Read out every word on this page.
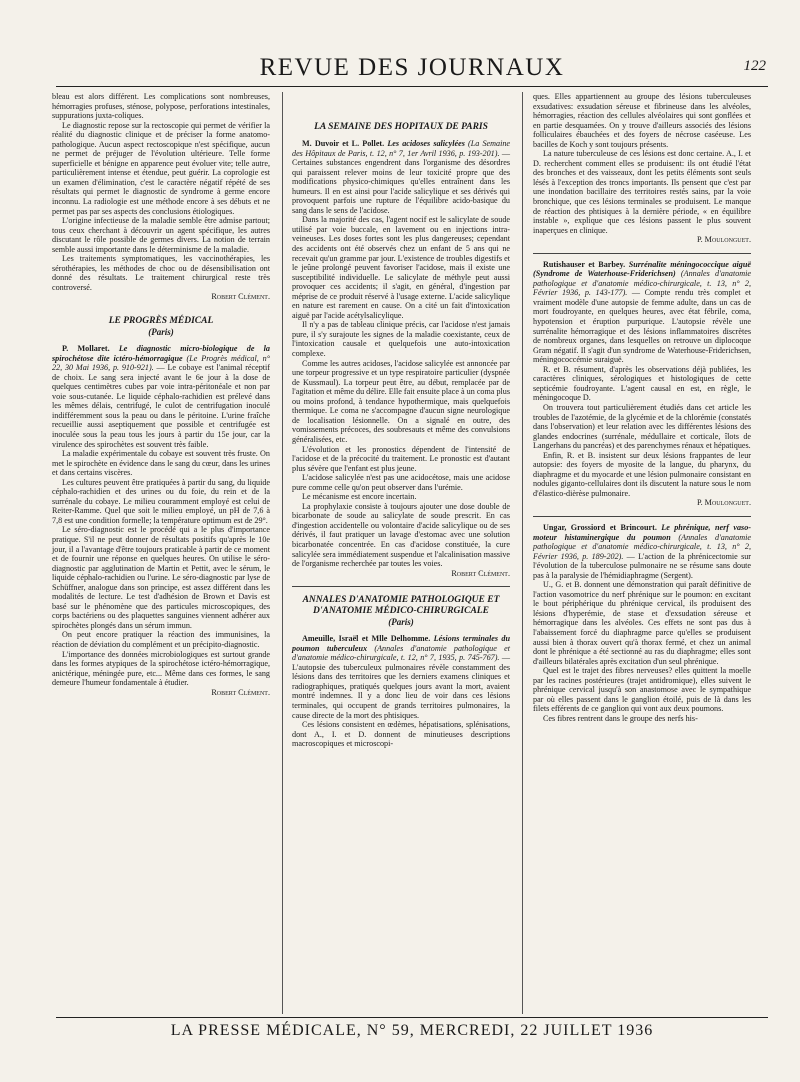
REVUE DES JOURNAUX	122

bleau est alors différent. Les complications sont nombreuses, hémorragies profuses, sténose, polypose, perforations intestinales, suppurations juxta-coliques.

Le diagnostic repose sur la rectoscopie qui permet de vérifier la réalité du diagnostic clinique et de préciser la forme anatomo-pathologique. Aucun aspect rectoscopique n'est spécifique, aucun ne permet de préjuger de l'évolution ultérieure. Telle forme superficielle et bénigne en apparence peut évoluer vite; telle autre, particulièrement intense et étendue, peut guérir. La coprologie est un examen d'élimination, c'est le caractère négatif répété de ses résultats qui permet le diagnostic de syndrome à germe encore inconnu. La radiologie est une méthode encore à ses débuts et ne permet pas par ses aspects des conclusions étiologiques.

L'origine infectieuse de la maladie semble être admise partout; tous ceux cherchant à découvrir un agent spécifique, les autres discutant le rôle possible de germes divers. La notion de terrain semble aussi importante dans le déterminisme de la maladie.

Les traitements symptomatiques, les vaccinothérapies, les sérothérapies, les méthodes de choc ou de désensibilisation ont donné des résultats. Le traitement chirurgical reste très controversé.

Robert Clément.

LE PROGRÈS MÉDICAL
(Paris)

P. Mollaret. Le diagnostic micro-biologique de la spirochétose dite ictéro-hémorragique (Le Progrès médical, n° 22, 30 Mai 1936, p. 910-921). — Le cobaye est l'animal réceptif de choix. Le sang sera injecté avant le 6e jour à la dose de quelques centimètres cubes par voie intra-péritonéale et non par voie sous-cutanée. Le liquide céphalo-rachidien est prélevé dans les mêmes délais, centrifugé, le culot de centrifugation inoculé indifféremment sous la peau ou dans le péritoine. L'urine fraîche recueillie aussi aseptiquement que possible et centrifugée est inoculée sous la peau tous les jours à partir du 15e jour, car la virulence des spirochètes est souvent très faible.

La maladie expérimentale du cobaye est souvent très fruste. On met le spirochète en évidence dans le sang du cœur, dans les urines et dans certains viscères.

Les cultures peuvent être pratiquées à partir du sang, du liquide céphalo-rachidien et des urines ou du foie, du rein et de la surrénale du cobaye. Le milieu couramment employé est celui de Reiter-Ramme. Quel que soit le milieu employé, un pH de 7,6 à 7,8 est une condition formelle; la température optimum est de 29°.

Le séro-diagnostic est le procédé qui a le plus d'importance pratique. S'il ne peut donner de résultats positifs qu'après le 10e jour, il a l'avantage d'être toujours praticable à partir de ce moment et de fournir une réponse en quelques heures. On utilise le séro-diagnostic par agglutination de Martin et Pettit, avec le sérum, le liquide céphalo-rachidien ou l'urine. Le séro-diagnostic par lyse de Schüffner, analogue dans son principe, est assez différent dans les modalités de lecture. Le test d'adhésion de Brown et Davis est basé sur le phénomène que des particules microscopiques, des corps bactériens ou des plaquettes sanguines viennent adhérer aux spirochètes plongés dans un sérum immun.

On peut encore pratiquer la réaction des immunisines, la réaction de déviation du complément et un précipito-diagnostic.

L'importance des données microbiologiques est surtout grande dans les formes atypiques de la spirochétose ictéro-hémorragique, anictérique, méningée pure, etc... Même dans ces formes, le sang demeure l'humeur fondamentale à étudier.

Robert Clément.

LA SEMAINE DES HOPITAUX DE PARIS

M. Duvoir et L. Pollet. Les acidoses salicylées (La Semaine des Hôpitaux de Paris, t. 12, n° 7, 1er Avril 1936, p. 193-201). — Certaines substances engendrent dans l'organisme des désordres qui paraissent relever moins de leur toxicité propre que des modifications physico-chimiques qu'elles entraînent dans les humeurs. Il en est ainsi pour l'acide salicylique et ses dérivés qui provoquent parfois une rupture de l'équilibre acido-basique du sang dans le sens de l'acidose.

Dans la majorité des cas, l'agent nocif est le salicylate de soude utilisé par voie buccale, en lavement ou en injections intra-veineuses. Les doses fortes sont les plus dangereuses; cependant des accidents ont été observés chez un enfant de 5 ans qui ne recevait qu'un gramme par jour. L'existence de troubles digestifs et le jeûne prolongé peuvent favoriser l'acidose, mais il existe une susceptibilité individuelle. Le salicylate de méthyle peut aussi provoquer ces accidents; il s'agit, en général, d'ingestion par méprise de ce produit réservé à l'usage externe. L'acide salicylique en nature est rarement en cause. On a cité un fait d'intoxication aiguë par l'acide acétylsalicylique.

Il n'y a pas de tableau clinique précis, car l'acidose n'est jamais pure, il s'y surajoute les signes de la maladie coexistante, ceux de l'intoxication causale et quelquefois une auto-intoxication complexe.

Comme les autres acidoses, l'acidose salicylée est annoncée par une torpeur progressive et un type respiratoire particulier (dyspnée de Kussmaul). La torpeur peut être, au début, remplacée par de l'agitation et même du délire. Elle fait ensuite place à un coma plus ou moins profond, à tendance hypothermique, mais quelquefois thermique. Le coma ne s'accompagne d'aucun signe neurologique de localisation lésionnelle. On a signalé en outre, des vomissements précoces, des soubresauts et même des convulsions généralisées, etc.

L'évolution et les pronostics dépendent de l'intensité de l'acidose et de la précocité du traitement. Le pronostic est d'autant plus sévère que l'enfant est plus jeune.

L'acidose salicylée n'est pas une acidocétose, mais une acidose pure comme celle qu'on peut observer dans l'urémie.

Le mécanisme est encore incertain.

La prophylaxie consiste à toujours ajouter une dose double de bicarbonate de soude au salicylate de soude prescrit. En cas d'ingestion accidentelle ou volontaire d'acide salicylique ou de ses dérivés, il faut pratiquer un lavage d'estomac avec une solution bicarbonatée concentrée. En cas d'acidose constituée, la cure salicylée sera immédiatement suspendue et l'alcalinisation massive de l'organisme recherchée par toutes les voies.

Robert Clément.

ANNALES D'ANATOMIE PATHOLOGIQUE ET D'ANATOMIE MÉDICO-CHIRURGICALE
(Paris)

Ameuille, Israël et Mlle Delhomme. Lésions terminales du poumon tuberculeux (Annales d'anatomie pathologique et d'anatomie médico-chirurgicale, t. 12, n° 7, 1935, p. 745-767). — L'autopsie des tuberculeux pulmonaires révèle constamment des lésions dans des territoires que les derniers examens cliniques et radiographiques, pratiqués quelques jours avant la mort, avaient montré indemnes. Il y a donc lieu de voir dans ces lésions terminales, qui occupent de grands territoires pulmonaires, la cause directe de la mort des phtisiques.

Ces lésions consistent en œdèmes, hépatisations, splénisations, dont A., I. et D. donnent de minutieuses descriptions macroscopiques et microscopi-

ques. Elles appartiennent au groupe des lésions tuberculeuses exsudatives: exsudation séreuse et fibrineuse dans les alvéoles, hémorragies, réaction des cellules alvéolaires qui sont gonflées et en partie desquamées. On y trouve d'ailleurs associés des lésions folliculaires ébauchées et des foyers de nécrose caséeuse. Les bacilles de Koch y sont toujours présents.

La nature tuberculeuse de ces lésions est donc certaine. A., I. et D. recherchent comment elles se produisent: ils ont étudié l'état des bronches et des vaisseaux, dont les petits éléments sont seuls lésés à l'exception des troncs importants. Ils pensent que c'est par une inondation bacillaire des territoires restés sains, par la voie bronchique, que ces lésions terminales se produisent. Le manque de réaction des phtisiques à la dernière période, « en équilibre instable », explique que ces lésions passent le plus souvent inaperçues en clinique.

P. Moulonguet.

Rutishauser et Barbey. Surrénalite méningococcique aiguë (Syndrome de Waterhouse-Friderichsen) (Annales d'anatomie pathologique et d'anatomie médico-chirurgicale, t. 13, n° 2, Février 1936, p. 143-177). — Compte rendu très complet et vraiment modèle d'une autopsie de femme adulte, dans un cas de mort foudroyante, en quelques heures, avec état fébrile, coma, hypotension et éruption purpurique. L'autopsie révèle une surrénalite hémorragique et des lésions inflammatoires discrètes de nombreux organes, dans lesquelles on retrouve un diplocoque Gram négatif. Il s'agit d'un syndrome de Waterhouse-Friderichsen, méningococcémie suraiguë.

R. et B. résument, d'après les observations déjà publiées, les caractères cliniques, sérologiques et histologiques de cette septicémie foudroyante. L'agent causal en est, en règle, le méningocoque D.

On trouvera tout particulièrement étudiés dans cet article les troubles de l'azotémie, de la glycémie et de la chlorémie (constatés dans l'observation) et leur relation avec les différentes lésions des glandes endocrines (surrénale, médullaire et corticale, îlots de Langerhans du pancréas) et des parenchymes rénaux et hépatiques.

Enfin, R. et B. insistent sur deux lésions frappantes de leur autopsie: des foyers de myosite de la langue, du pharynx, du diaphragme et du myocarde et une lésion pulmonaire consistant en nodules giganto-cellulaires dont ils discutent la nature sous le nom d'élastico-dièrèse pulmonaire.

P. Moulonguet.

Ungar, Grossiord et Brincourt. Le phrénique, nerf vaso-moteur histaminergique du poumon (Annales d'anatomie pathologique et d'anatomie médico-chirurgicale, t. 13, n° 2, Février 1936, p. 189-202). — L'action de la phrénicectomie sur l'évolution de la tuberculose pulmonaire ne se résume sans doute pas à la paralysie de l'hémidiaphragme (Sergent).

U., G. et B. donnent une démonstration qui paraît définitive de l'action vasomotrice du nerf phrénique sur le poumon: en excitant le bout périphérique du phrénique cervical, ils produisent des lésions d'hyperémie, de stase et d'exsudation séreuse et hémorragique dans les alvéoles. Ces effets ne sont pas dus à l'abaissement forcé du diaphragme parce qu'elles se produisent aussi bien à thorax ouvert qu'à thorax fermé, et chez un animal dont le phrénique a été sectionné au ras du diaphragme; elles sont d'ailleurs bilatérales après excitation d'un seul phrénique.

Quel est le trajet des fibres nerveuses? elles quittent la moelle par les racines postérieures (trajet antidromique), elles suivent le phrénique cervical jusqu'à son anastomose avec le sympathique par où elles passent dans le ganglion étoilé, puis de là dans les filets efférents de ce ganglion qui vont aux deux poumons.

Ces fibres rentrent dans le groupe des nerfs his-

LA PRESSE MÉDICALE, N° 59, MERCREDI, 22 JUILLET 1936
